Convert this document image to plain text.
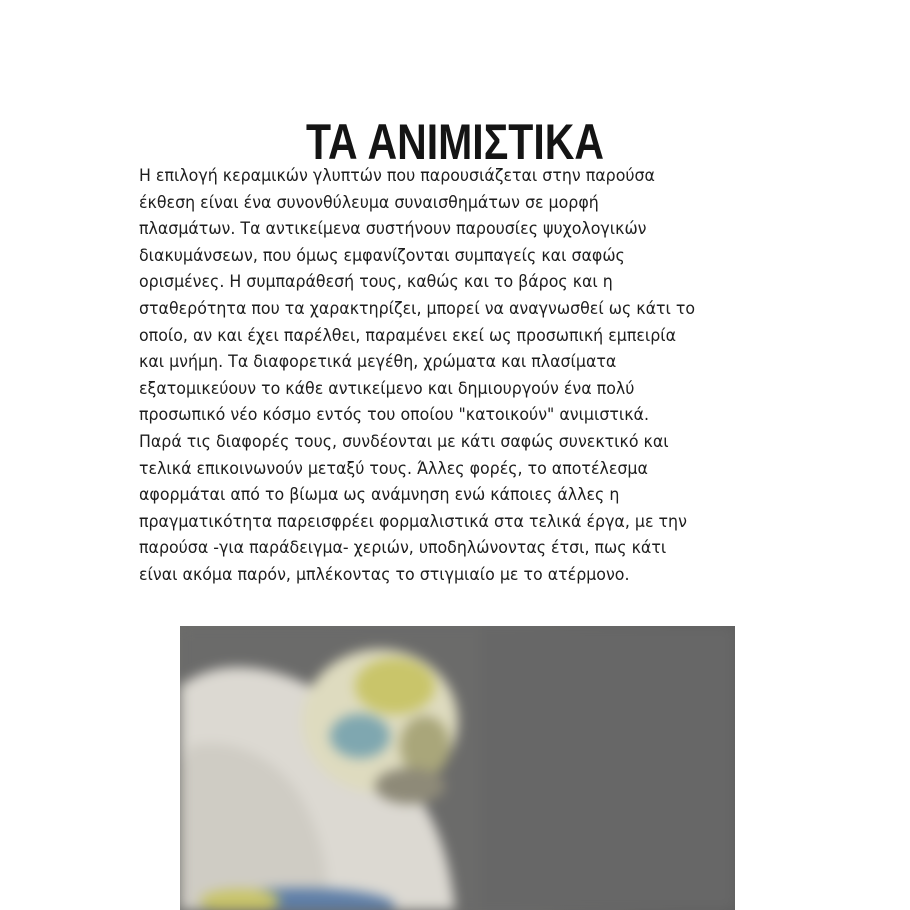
ΤΑ ΑΝΙΜΙΣΤΙΚΑ
Η επιλογή κεραμικών γλυπτών που παρουσιάζεται στην παρούσα
έκθεση είναι ένα συνονθύλευμα συναισθημάτων σε μορφή
πλασμάτων. Τα αντικείμενα συστήνουν παρουσίες ψυχολογικών
διακυμάνσεων, που όμως εμφανίζονται συμπαγείς και σαφώς
ορισμένες. Η συμπαράθεσή τους, καθώς και το βάρος και η
σταθερότητα που τα χαρακτηρίζει, μπορεί να αναγνωσθεί ως κάτι το
οποίο, αν και έχει παρέλθει, παραμένει εκεί ως προσωπική εμπειρία
και μνήμη. Τα διαφορετικά μεγέθη, χρώματα και πλασίματα
εξατομικεύουν το κάθε αντικείμενο και δημιουργούν ένα πολύ
προσωπικό νέο κόσμο εντός του οποίου "κατοικούν" ανιμιστικά.
Παρά τις διαφορές τους, συνδέονται με κάτι σαφώς συνεκτικό και
τελικά επικοινωνούν μεταξύ τους. Άλλες φορές, το αποτέλεσμα
αφορμάται από το βίωμα ως ανάμνηση ενώ κάποιες άλλες η
πραγματικότητα παρεισφρέει φορμαλιστικά στα τελικά έργα, με την
παρούσα -για παράδειγμα- χεριών, υποδηλώνοντας έτσι, πως κάτι
είναι ακόμα παρόν, μπλέκοντας το στιγμιαίο με το ατέρμονο.
